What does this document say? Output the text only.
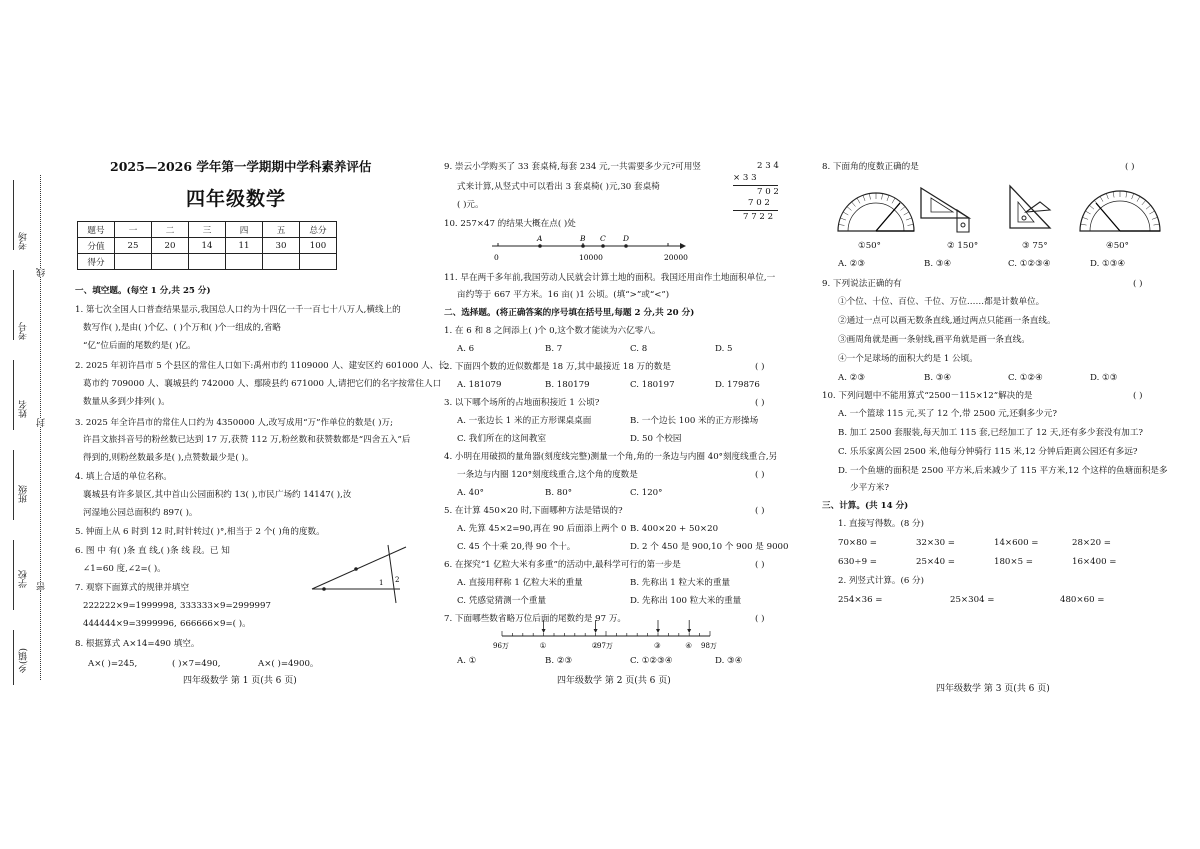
考场
考号
姓名
班级
学校
乡(镇)
线
封
密
2025—2026 学年第一学期期中学科素养评估
四年级数学
题号	一	二	三	四	五	总分
分值	25	20	14	11	30	100
得分						
一、填空题。(每空 1 分,共 25 分)
1. 第七次全国人口普查结果显示,我国总人口约为十四亿一千一百七十八万人,横线上的
数写作( ),是由( )个亿、( )个万和( )个一组成的,省略
“亿”位后面的尾数约是( )亿。
2. 2025 年初许昌市 5 个县区的常住人口如下:禹州市约 1109000 人、建安区约 601000 人、长
葛市约 709000 人、襄城县约 742000 人、鄢陵县约 671000 人,请把它们的名字按常住人口
数量从多到少排列( )。
3. 2025 年全许昌市的常住人口约为 4350000 人,改写成用“万”作单位的数是( )万;
许昌文旅抖音号的粉丝数已达到 17 万,获赞 112 万,粉丝数和获赞数都是“四舍五入”后
得到的,则粉丝数最多是( ),点赞数最少是( )。
4. 填上合适的单位名称。
襄城县有许多景区,其中首山公园面积约 13( ),市民广场约 14147( ),汝
河湿地公园总面积约 897( )。
5. 钟面上从 6 时到 12 时,时针转过( )°,相当于 2 个( )角的度数。
6. 图 中 有( )条 直 线,( )条 线 段。已 知
∠1=60 度,∠2=( )。
1 2
7. 观察下面算式的规律并填空
222222×9=1999998, 333333×9=2999997
444444×9=3999996, 666666×9=( )。
8. 根据算式 A×14=490 填空。
A×( )=245,	( )×7=490,	A×( )=4900。
四年级数学 第 1 页(共 6 页)
9. 崇云小学购买了 33 套桌椅,每套 234 元,一共需要多少元?可用竖
式来计算,从竖式中可以看出 3 套桌椅( )元,30 套桌椅
( )元。
2 3 4
× 3 3
7 0 2
7 0 2
7 7 2 2
10. 257×47 的结果大概在点( )处
0	10000	20000
A	B C D
11. 早在两千多年前,我国劳动人民就会计算土地的面积。我国还用亩作土地面积单位,一
亩约等于 667 平方米。16 亩( )1 公顷。(填“>”或“<”)
二、选择题。(将正确答案的序号填在括号里,每题 2 分,共 20 分)
1. 在 6 和 8 之间添上( )个 0,这个数才能读为六亿零八。
A. 6	B. 7	C. 8	D. 5
2. 下面四个数的近似数都是 18 万,其中最接近 18 万的数是	( )
A. 181079	B. 180179	C. 180197	D. 179876
3. 以下哪个场所的占地面积接近 1 公顷?	( )
A. 一张边长 1 米的正方形课桌桌面	B. 一个边长 100 米的正方形操场
C. 我们所在的这间教室	D. 50 个校园
4. 小明在用破损的量角器(刻度线完整)测量一个角,角的一条边与内圈 40°刻度线重合,另
一条边与内圈 120°刻度线重合,这个角的度数是	( )
A. 40°	B. 80°	C. 120°
5. 在计算 450×20 时,下面哪种方法是错误的?	( )
A. 先算 45×2=90,再在 90 后面添上两个 0 B. 400×20 + 50×20
C. 45 个十乘 20,得 90 个十。	D. 2 个 450 是 900,10 个 900 是 9000
6. 在探究“1 亿粒大米有多重”的活动中,最科学可行的第一步是	( )
A. 直接用秤称 1 亿粒大米的重量	B. 先称出 1 粒大米的重量
C. 凭感觉猜测一个重量	D. 先称出 100 粒大米的重量
7. 下面哪些数省略万位后面的尾数约是 97 万。	( )
96万	97万	98万
①	②	③	④
A. ①	B. ②③	C. ①②③④	D. ③④
四年级数学 第 2 页(共 6 页)
8. 下面角的度数正确的是	( )
①50°	② 150°	③ 75°	④50°
A. ②③	B. ③④	C. ①②③④	D. ①③④
9. 下列说法正确的有	( )
①个位、十位、百位、千位、万位……都是计数单位。
②通过一点可以画无数条直线,通过两点只能画一条直线。
③画周角就是画一条射线,画平角就是画一条直线。
④一个足球场的面积大约是 1 公顷。
A. ②③	B. ③④	C. ①②④	D. ①③
10. 下列问题中不能用算式“2500－115×12”解决的是	( )
A. 一个篮球 115 元,买了 12 个,带 2500 元,还剩多少元?
B. 加工 2500 套服装,每天加工 115 套,已经加工了 12 天,还有多少套没有加工?
C. 乐乐家离公园 2500 米,他每分钟骑行 115 米,12 分钟后距离公园还有多远?
D. 一个鱼塘的面积是 2500 平方米,后来减少了 115 平方米,12 个这样的鱼塘面积是多
少平方米?
三、计算。(共 14 分)
1. 直接写得数。(8 分)
70×80 =	32×30 =	14×600 =	28×20 =
630÷9 =	25×40 =	180×5 =	16×400 =
2. 列竖式计算。(6 分)
254×36 =	25×304 =	480×60 =
四年级数学 第 3 页(共 6 页)
